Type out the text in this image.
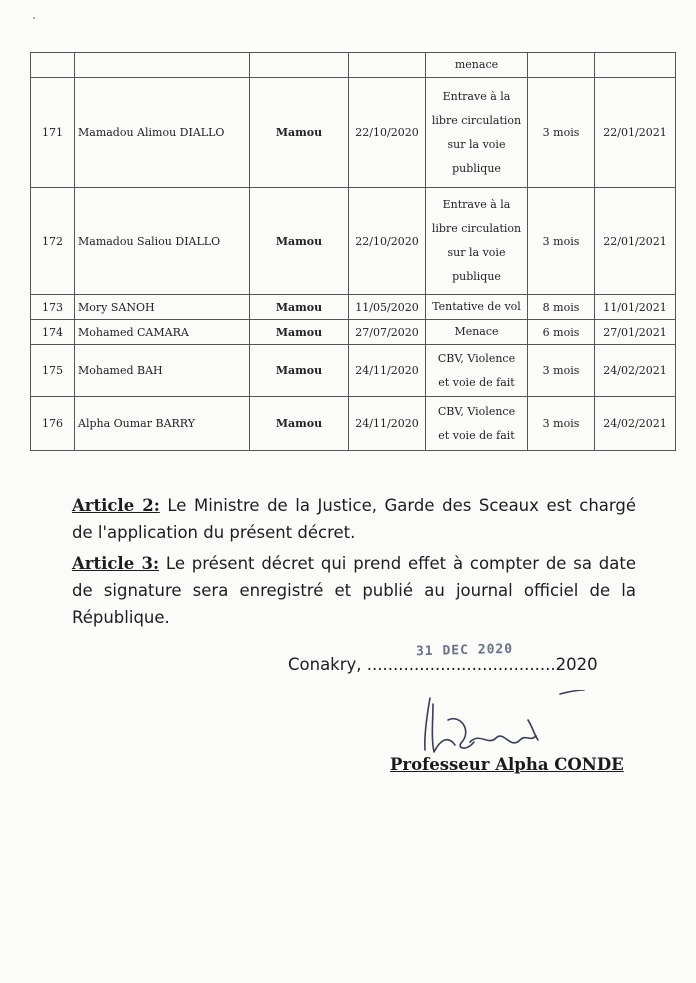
				menace		

171	Mamadou Alimou DIALLO	Mamou	22/10/2020	Entrave à la
libre circulation
sur la voie
publique	3 mois	22/01/2021
172	Mamadou Saliou DIALLO	Mamou	22/10/2020	Entrave à la
libre circulation
sur la voie
publique	3 mois	22/01/2021
173	Mory SANOH	Mamou	11/05/2020	Tentative de vol	8 mois	11/01/2021
174	Mohamed CAMARA	Mamou	27/07/2020	Menace	6 mois	27/01/2021
175	Mohamed BAH	Mamou	24/11/2020	CBV, Violence
et voie de fait	3 mois	24/02/2021
176	Alpha Oumar BARRY	Mamou	24/11/2020	CBV, Violence
et voie de fait	3 mois	24/02/2021

Article 2: Le Ministre de la Justice, Garde des Sceaux est chargé de l'application du présent décret.

Article 3: Le présent décret qui prend effet à compter de sa date de signature sera enregistré et publié au journal officiel de la République.

Conakry, ....................................2020
31 DEC 2020
Professeur Alpha CONDE
